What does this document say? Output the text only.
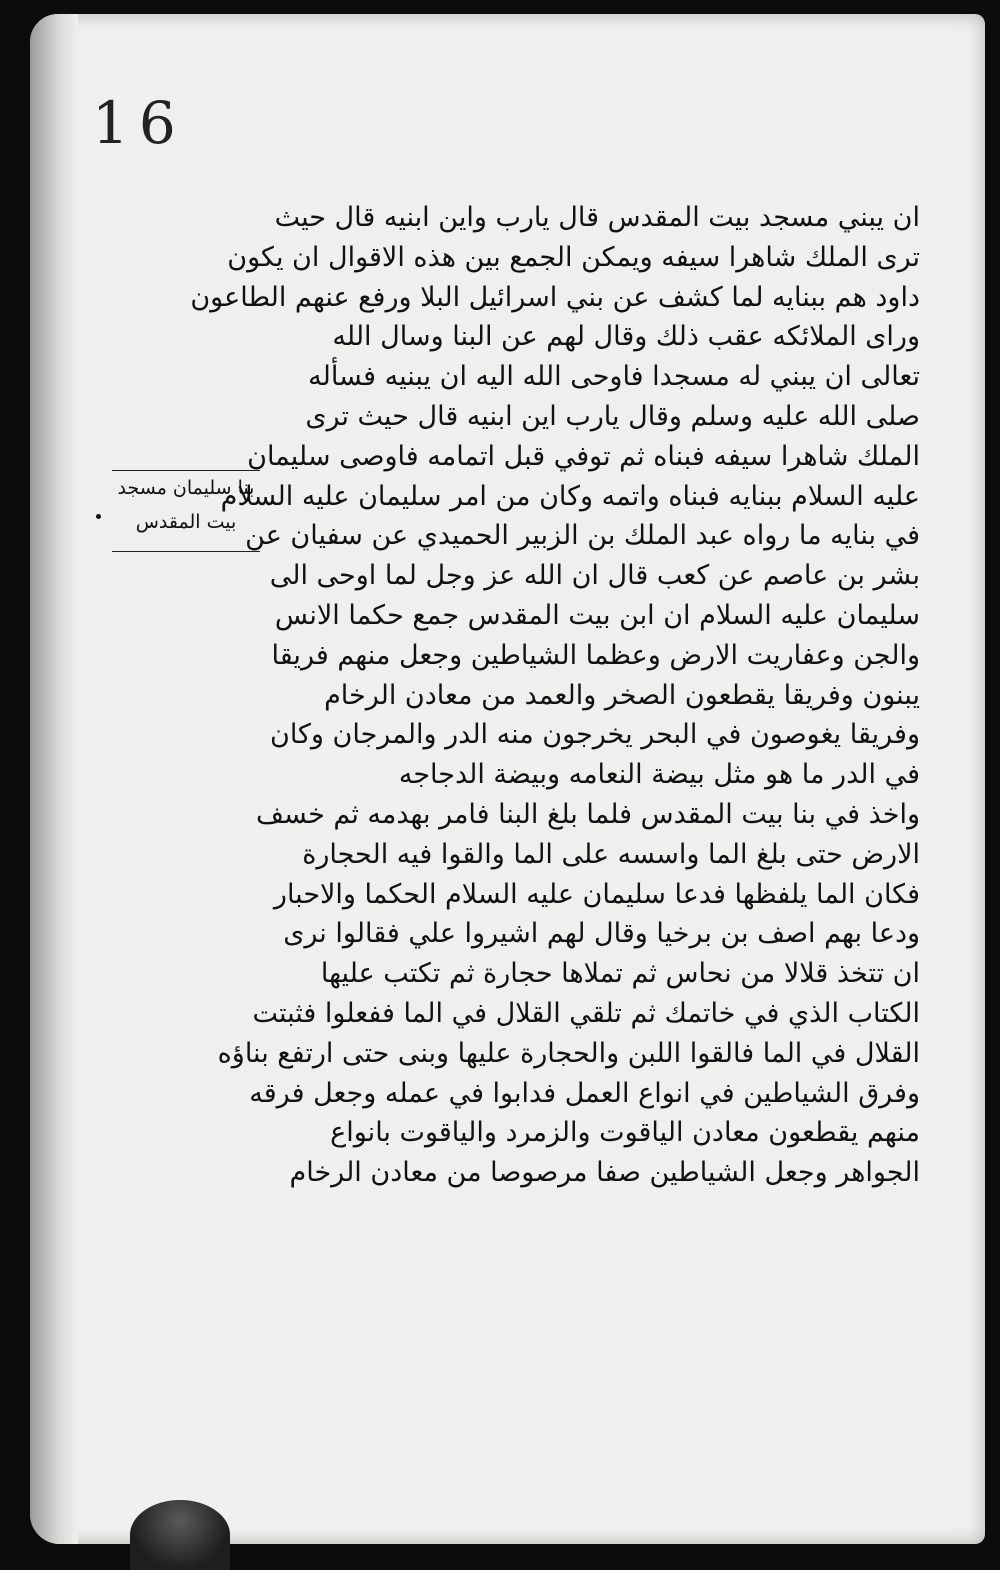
16
بنا سليمان مسجد
بيت المقدس
ان يبني مسجد بيت المقدس قال يارب واين ابنيه قال حيث
ترى الملك شاهرا سيفه ويمكن الجمع بين هذه الاقوال ان يكون
داود هم ببنايه لما كشف عن بني اسرائيل البلا ورفع عنهم الطاعون
وراى الملائكه عقب ذلك وقال لهم عن البنا وسال الله
تعالى ان يبني له مسجدا فاوحى الله اليه ان يبنيه فسأله
صلى الله عليه وسلم وقال يارب اين ابنيه قال حيث ترى
الملك شاهرا سيفه فبناه ثم توفي قبل اتمامه فاوصى سليمان
عليه السلام ببنايه فبناه واتمه وكان من امر سليمان عليه السلام
في بنايه ما رواه عبد الملك بن الزبير الحميدي عن سفيان عن
بشر بن عاصم عن كعب قال ان الله عز وجل لما اوحى الى
سليمان عليه السلام ان ابن بيت المقدس جمع حكما الانس
والجن وعفاريت الارض وعظما الشياطين وجعل منهم فريقا
يبنون وفريقا يقطعون الصخر والعمد من معادن الرخام
وفريقا يغوصون في البحر يخرجون منه الدر والمرجان وكان
في الدر ما هو مثل بيضة النعامه وبيضة الدجاجه
واخذ في بنا بيت المقدس فلما بلغ البنا فامر بهدمه ثم خسف
الارض حتى بلغ الما واسسه على الما والقوا فيه الحجارة
فكان الما يلفظها فدعا سليمان عليه السلام الحكما والاحبار
ودعا بهم اصف بن برخيا وقال لهم اشيروا علي فقالوا نرى
ان تتخذ قلالا من نحاس ثم تملاها حجارة ثم تكتب عليها
الكتاب الذي في خاتمك ثم تلقي القلال في الما ففعلوا فثبتت
القلال في الما فالقوا اللبن والحجارة عليها وبنى حتى ارتفع بناؤه
وفرق الشياطين في انواع العمل فدابوا في عمله وجعل فرقه
منهم يقطعون معادن الياقوت والزمرد والياقوت بانواع
الجواهر وجعل الشياطين صفا مرصوصا من معادن الرخام
